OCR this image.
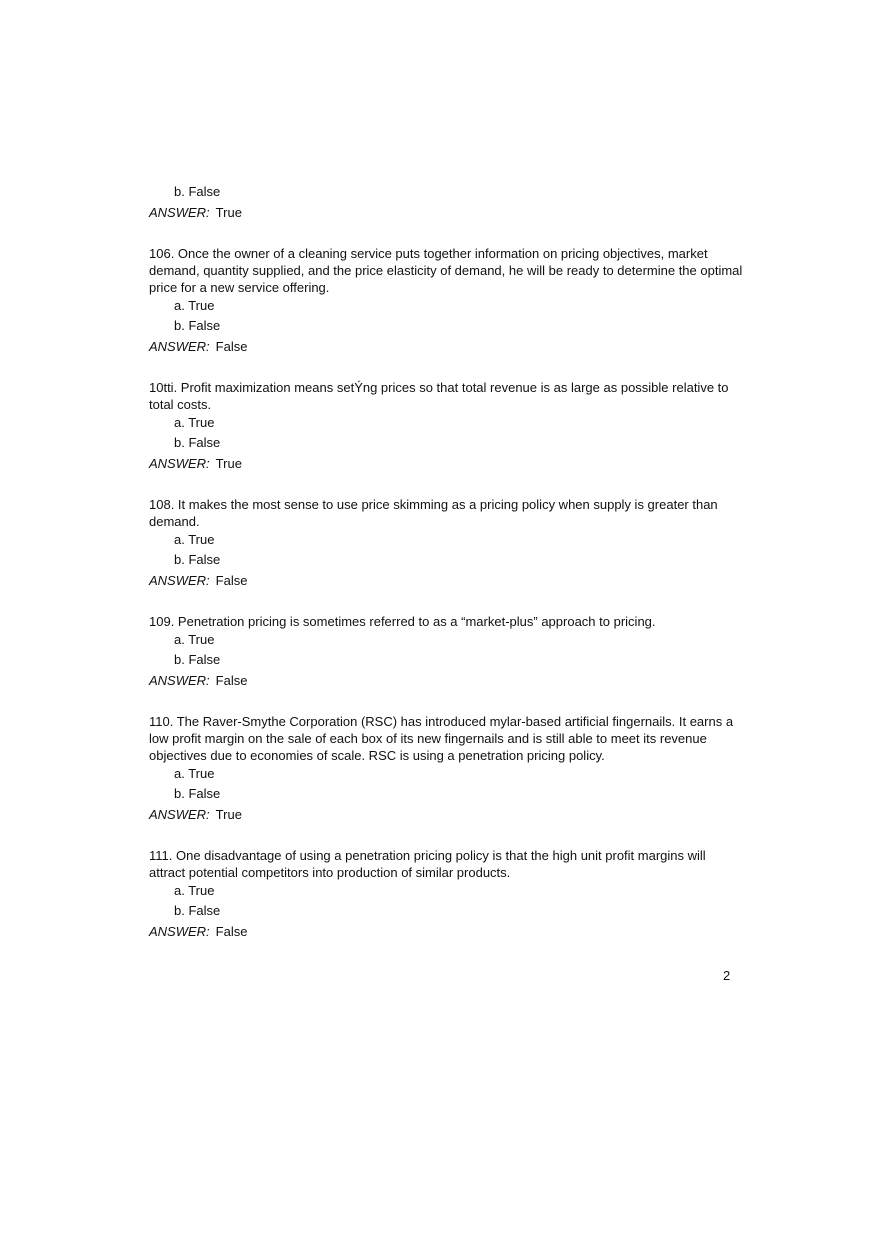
b. False
ANSWER: True
106. Once the owner of a cleaning service puts together information on pricing objectives, market demand, quantity supplied, and the price elasticity of demand, he will be ready to determine the optimal price for a new service offering.
a. True
b. False
ANSWER: False
10tti. Profit maximization means setÝng prices so that total revenue is as large as possible relative to total costs.
a. True
b. False
ANSWER: True
108. It makes the most sense to use price skimming as a pricing policy when supply is greater than demand.
a. True
b. False
ANSWER: False
109. Penetration pricing is sometimes referred to as a “market-plus” approach to pricing.
a. True
b. False
ANSWER: False
110. The Raver-Smythe Corporation (RSC) has introduced mylar-based artificial fingernails. It earns a low profit margin on the sale of each box of its new fingernails and is still able to meet its revenue objectives due to economies of scale. RSC is using a penetration pricing policy.
a. True
b. False
ANSWER: True
111. One disadvantage of using a penetration pricing policy is that the high unit profit margins will attract potential competitors into production of similar products.
a. True
b. False
ANSWER: False
2
